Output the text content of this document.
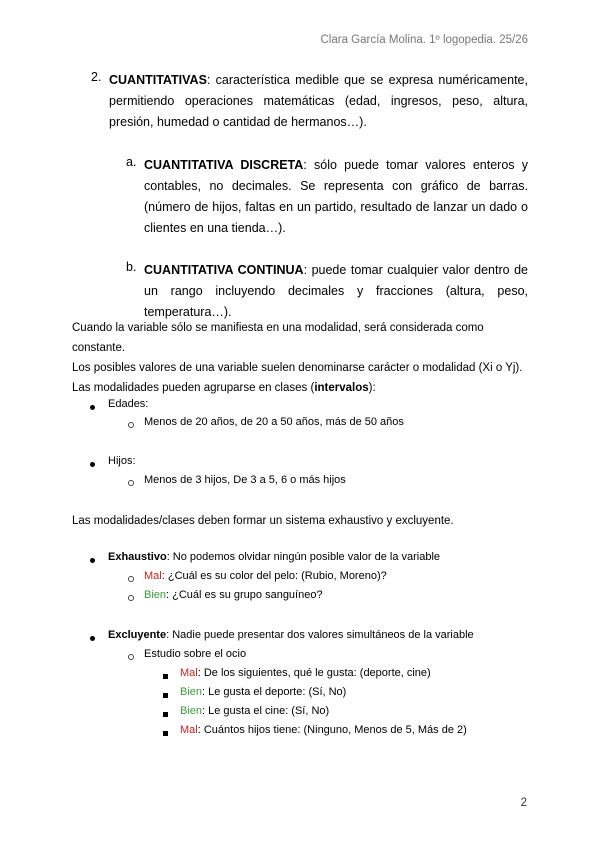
Clara García Molina. 1º logopedia. 25/26
2. CUANTITATIVAS: característica medible que se expresa numéricamente, permitiendo operaciones matemáticas (edad, ingresos, peso, altura, presión, humedad o cantidad de hermanos…).
a. CUANTITATIVA DISCRETA: sólo puede tomar valores enteros y contables, no decimales. Se representa con gráfico de barras. (número de hijos, faltas en un partido, resultado de lanzar un dado o clientes en una tienda…).
b. CUANTITATIVA CONTINUA: puede tomar cualquier valor dentro de un rango incluyendo decimales y fracciones (altura, peso, temperatura…).
Cuando la variable sólo se manifiesta en una modalidad, será considerada como constante.
Los posibles valores de una variable suelen denominarse carácter o modalidad (Xi o Yj).
Las modalidades pueden agruparse en clases (intervalos):
Edades:
Menos de 20 años, de 20 a 50 años, más de 50 años
Hijos:
Menos de 3 hijos, De 3 a 5, 6 o más hijos
Las modalidades/clases deben formar un sistema exhaustivo y excluyente.
Exhaustivo: No podemos olvidar ningún posible valor de la variable
Mal: ¿Cuál es su color del pelo: (Rubio, Moreno)?
Bien: ¿Cuál es su grupo sanguíneo?
Excluyente: Nadie puede presentar dos valores simultáneos de la variable
Estudio sobre el ocio
Mal: De los siguientes, qué le gusta: (deporte, cine)
Bien: Le gusta el deporte: (Sí, No)
Bien: Le gusta el cine: (Sí, No)
Mal: Cuántos hijos tiene: (Ninguno, Menos de 5, Más de 2)
2
